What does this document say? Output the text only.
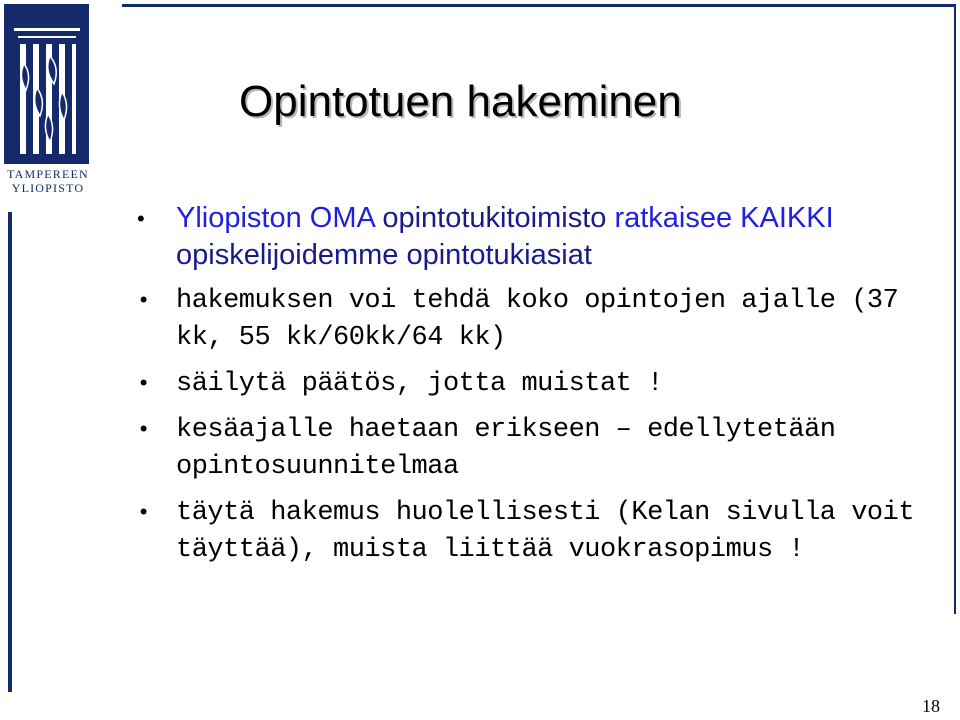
TAMPEREEN
YLIOPISTO
Opintotuen hakeminen
• Yliopiston OMA opintotukitoimisto ratkaisee KAIKKI opiskelijoidemme opintotukiasiat
• hakemuksen voi tehdä koko opintojen ajalle (37 kk, 55 kk/60kk/64 kk)
• säilytä päätös, jotta muistat !
• kesäajalle haetaan erikseen – edellytetään opintosuunnitelmaa
• täytä hakemus huolellisesti (Kelan sivulla voit täyttää), muista liittää vuokrasopimus !
18
